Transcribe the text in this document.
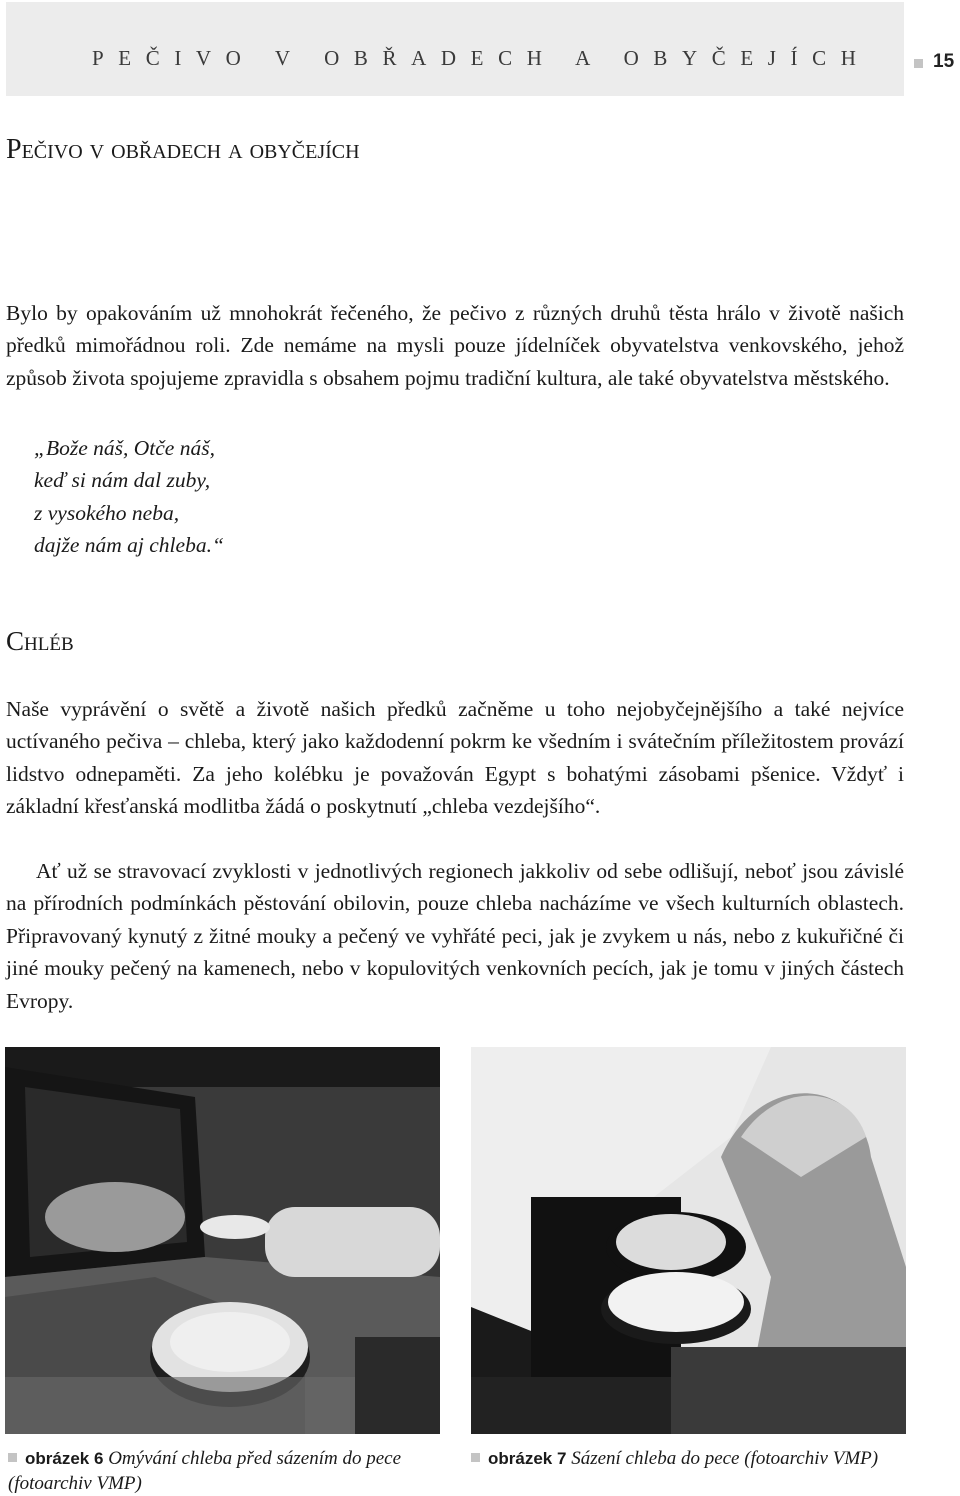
PEČIVO V OBŘADECH A OBYČEJÍCH	15
Pečivo v obřadech a obyčejích

Bylo by opakováním už mnohokrát řečeného, že pečivo z různých druhů těsta hrálo v životě našich předků mimořádnou roli. Zde nemáme na mysli pouze jídelníček obyvatelstva venkovského, jehož způsob života spojujeme zpravidla s obsahem pojmu tradiční kultura, ale také obyvatelstva městského.

„Bože náš, Otče náš,
keď si nám dal zuby,
z vysokého neba,
dajže nám aj chleba.“
Chléb

Naše vyprávění o světě a životě našich předků začněme u toho nejobyčejnějšího a také nejvíce uctívaného pečiva – chleba, který jako každodenní pokrm ke všedním i svátečním příležitostem provází lidstvo odnepaměti. Za jeho kolébku je považován Egypt s bohatými zásobami pšenice. Vždyť i základní křesťanská modlitba žádá o poskytnutí „chleba vezdejšího“.

Ať už se stravovací zvyklosti v jednotlivých regionech jakkoliv od sebe odlišují, neboť jsou závislé na přírodních podmínkách pěstování obilovin, pouze chleba nacházíme ve všech kulturních oblastech. Připravovaný kynutý z žitné mouky a pečený ve vyhřáté peci, jak je zvykem u nás, nebo z kukuřičné či jiné mouky pečený na kamenech, nebo v kopulovitých venkovních pecích, jak je tomu v jiných částech Evropy.

obrázek 6 Omývání chleba před sázením do pece (fotoarchiv VMP)

obrázek 7 Sázení chleba do pece (fotoarchiv VMP)
